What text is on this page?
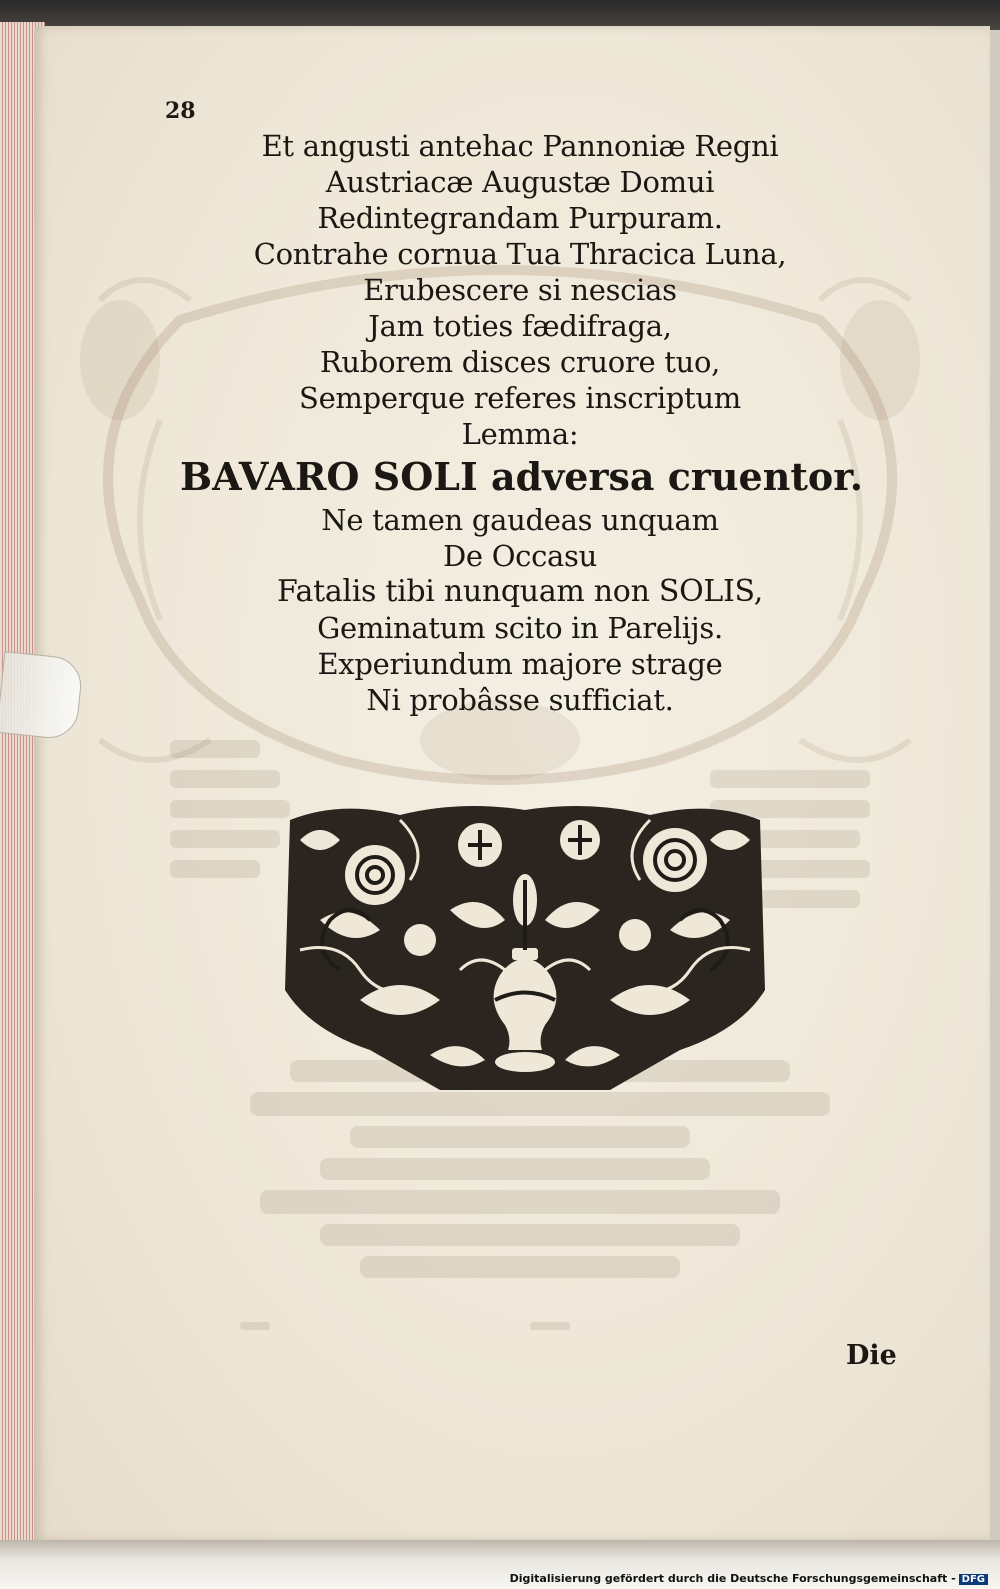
28
Et angusti antehac Pannoniæ Regni
Austriacæ Augustæ Domui
Redintegrandam Purpuram.
Contrahe cornua Tua Thracica Luna,
Erubescere si nescias
Jam toties fædifraga,
Ruborem disces cruore tuo,
Semperque referes inscriptum
Lemma:
BAVARO SOLI adversa cruentor.
Ne tamen gaudeas unquam
De Occasu
Fatalis tibi nunquam non SOLIS,
Geminatum scito in Parelijs.
Experiundum majore strage
Ni probâsse sufficiat.
Die
Digitalisierung gefördert durch die Deutsche Forschungsgemeinschaft - DFG
